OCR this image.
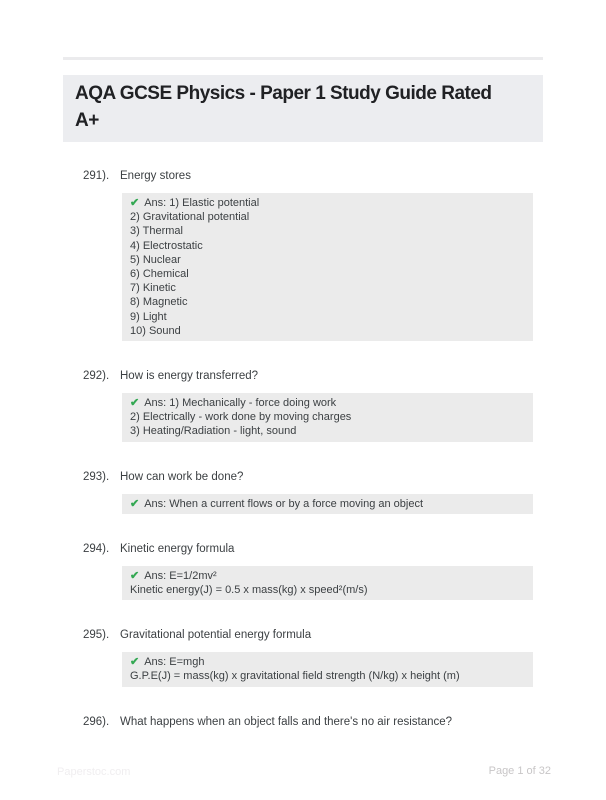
AQA GCSE Physics - Paper 1 Study Guide Rated
A+
291). Energy stores
✔ Ans: 1) Elastic potential
2) Gravitational potential
3) Thermal
4) Electrostatic
5) Nuclear
6) Chemical
7) Kinetic
8) Magnetic
9) Light
10) Sound
292). How is energy transferred?
✔ Ans: 1) Mechanically - force doing work
2) Electrically - work done by moving charges
3) Heating/Radiation - light, sound
293). How can work be done?
✔ Ans: When a current flows or by a force moving an object
294). Kinetic energy formula
✔ Ans: E=1/2mv²
Kinetic energy(J) = 0.5 x mass(kg) x speed²(m/s)
295). Gravitational potential energy formula
✔ Ans: E=mgh
G.P.E(J) = mass(kg) x gravitational field strength (N/kg) x height (m)
296). What happens when an object falls and there's no air resistance?
Paperstoc.com	Page 1 of 32
